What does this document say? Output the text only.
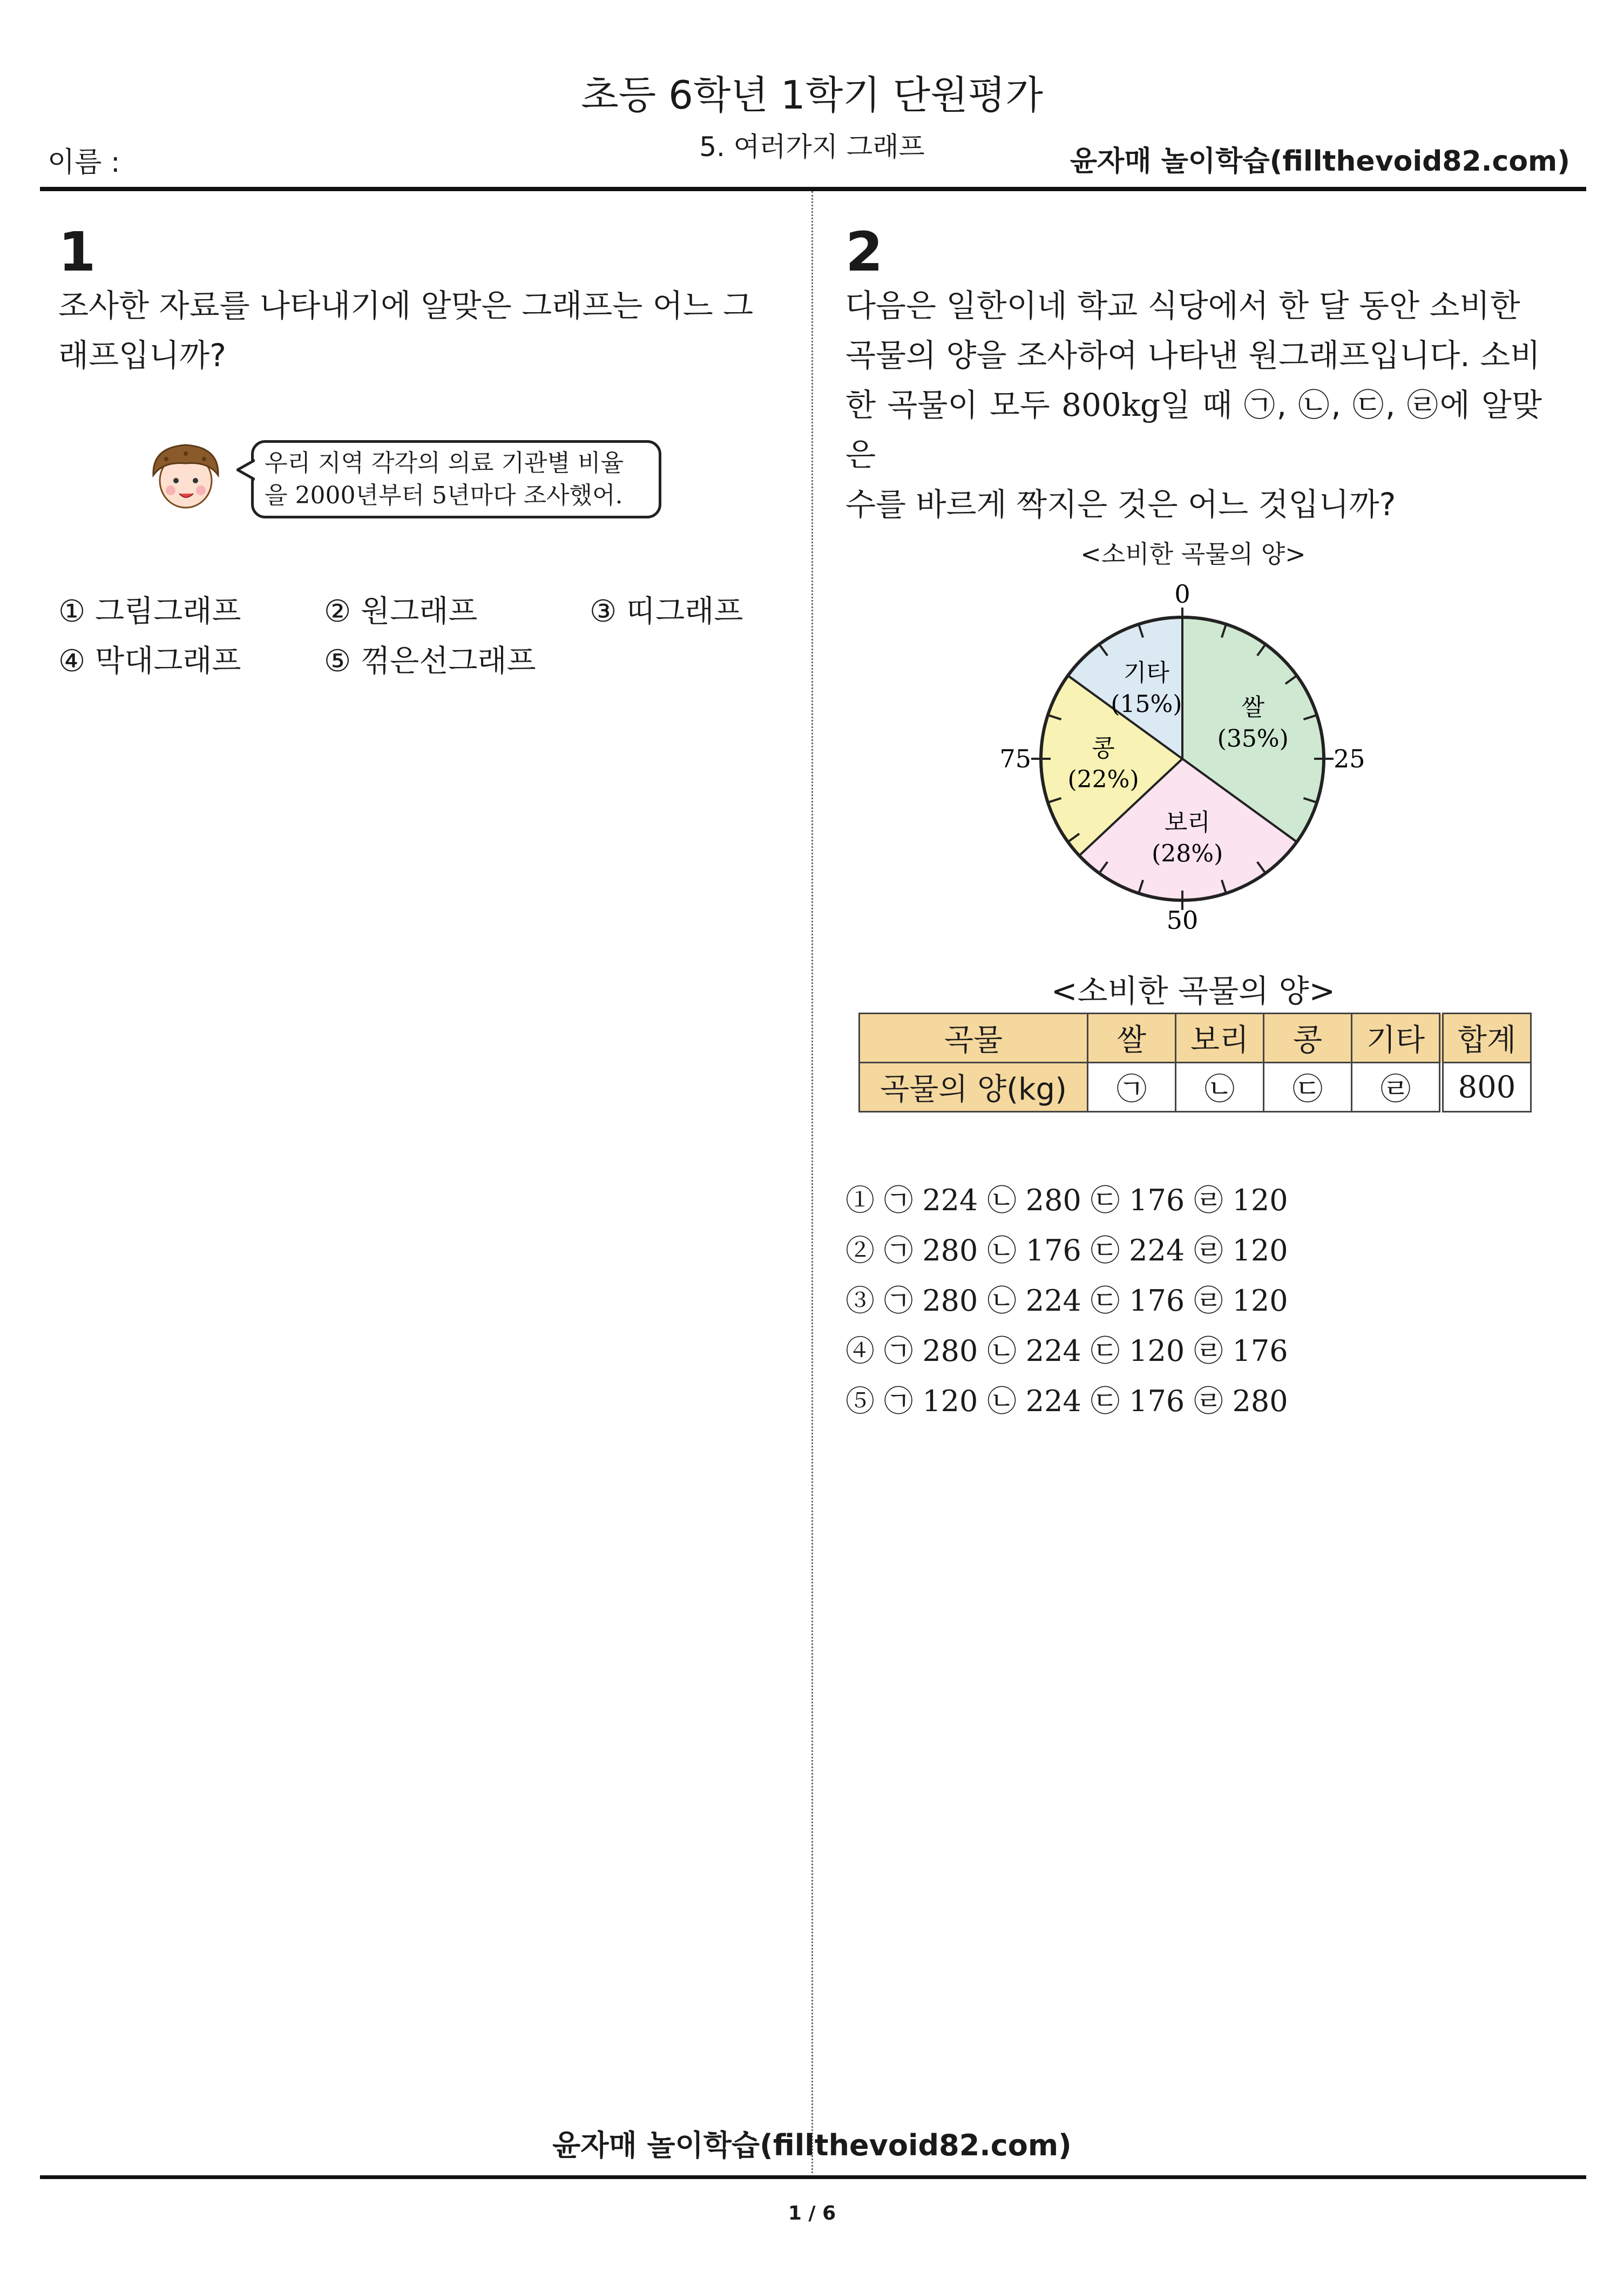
초등 6학년 1학기 단원평가
5. 여러가지 그래프
이름 :	윤자매 놀이학습(fillthevoid82.com)
1
조사한 자료를 나타내기에 알맞은 그래프는 어느 그
래프입니까?
우리 지역 각각의 의료 기관별 비율
을 2000년부터 5년마다 조사했어.
① 그림그래프	② 원그래프	③ 띠그래프
④ 막대그래프	⑤ 꺾은선그래프
2
다음은 일한이네 학교 식당에서 한 달 동안 소비한
곡물의 양을 조사하여 나타낸 원그래프입니다. 소비
한 곡물이 모두 800kg일 때 ㉠, ㉡, ㉢, ㉣에 알맞은
수를 바르게 짝지은 것은 어느 것입니까?
<소비한 곡물의 양>
쌀
(35%)
보리
(28%)
콩
(22%)
기타
(15%)
0
25
50
75
<소비한 곡물의 양>
곡물	쌀	보리	콩	기타	합계
곡물의 양(kg)	㉠	㉡	㉢	㉣	800
① ㉠ 224 ㉡ 280 ㉢ 176 ㉣ 120
② ㉠ 280 ㉡ 176 ㉢ 224 ㉣ 120
③ ㉠ 280 ㉡ 224 ㉢ 176 ㉣ 120
④ ㉠ 280 ㉡ 224 ㉢ 120 ㉣ 176
⑤ ㉠ 120 ㉡ 224 ㉢ 176 ㉣ 280
윤자매 놀이학습(fillthevoid82.com)
1 / 6
